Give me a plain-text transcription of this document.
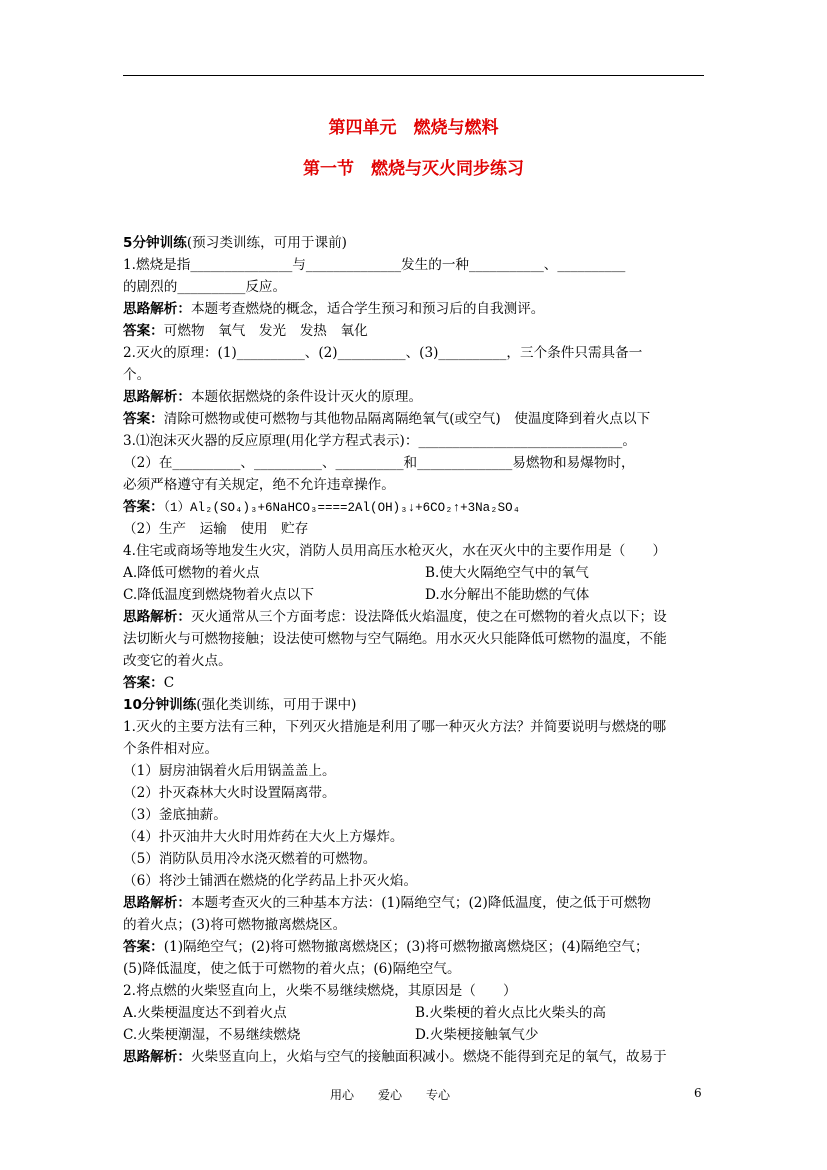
第四单元　燃烧与燃料
第一节　燃烧与灭火同步练习
5分钟训练(预习类训练，可用于课前)
1.燃烧是指_______________与______________发生的一种___________、__________
的剧烈的__________反应。
思路解析：本题考查燃烧的概念，适合学生预习和预习后的自我测评。
答案：可燃物　氧气　发光　发热　氧化
2.灭火的原理：(1)__________、(2)__________、(3)__________，三个条件只需具备一
个。
思路解析：本题依据燃烧的条件设计灭火的原理。
答案：清除可燃物或使可燃物与其他物品隔离隔绝氧气(或空气)　使温度降到着火点以下
3.⑴泡沫灭火器的反应原理(用化学方程式表示)：______________________________。
（2）在__________、__________、__________和______________易燃物和易爆物时，
必须严格遵守有关规定，绝不允许违章操作。
答案：（1）Al₂(SO₄)₃+6NaHCO₃====2Al(OH)₃↓+6CO₂↑+3Na₂SO₄
（2）生产　运输　使用　贮存
4.住宅或商场等地发生火灾，消防人员用高压水枪灭火，水在灭火中的主要作用是（　　）
A.降低可燃物的着火点	B.使大火隔绝空气中的氧气
C.降低温度到燃烧物着火点以下	D.水分解出不能助燃的气体
思路解析：灭火通常从三个方面考虑：设法降低火焰温度，使之在可燃物的着火点以下；设
法切断火与可燃物接触；设法使可燃物与空气隔绝。用水灭火只能降低可燃物的温度，不能
改变它的着火点。
答案：C
10分钟训练(强化类训练，可用于课中)
1.灭火的主要方法有三种，下列灭火措施是利用了哪一种灭火方法？并简要说明与燃烧的哪
个条件相对应。
（1）厨房油锅着火后用锅盖盖上。
（2）扑灭森林大火时设置隔离带。
（3）釜底抽薪。
（4）扑灭油井大火时用炸药在大火上方爆炸。
（5）消防队员用冷水浇灭燃着的可燃物。
（6）将沙土铺洒在燃烧的化学药品上扑灭火焰。
思路解析：本题考查灭火的三种基本方法：(1)隔绝空气；(2)降低温度，使之低于可燃物
的着火点；(3)将可燃物撤离燃烧区。
答案：(1)隔绝空气；(2)将可燃物撤离燃烧区；(3)将可燃物撤离燃烧区；(4)隔绝空气；
(5)降低温度，使之低于可燃物的着火点；(6)隔绝空气。
2.将点燃的火柴竖直向上，火柴不易继续燃烧，其原因是（　　）
A.火柴梗温度达不到着火点	B.火柴梗的着火点比火柴头的高
C.火柴梗潮湿，不易继续燃烧	D.火柴梗接触氧气少
思路解析：火柴竖直向上，火焰与空气的接触面积减小。燃烧不能得到充足的氧气，故易于
用心　　爱心　　专心	6
